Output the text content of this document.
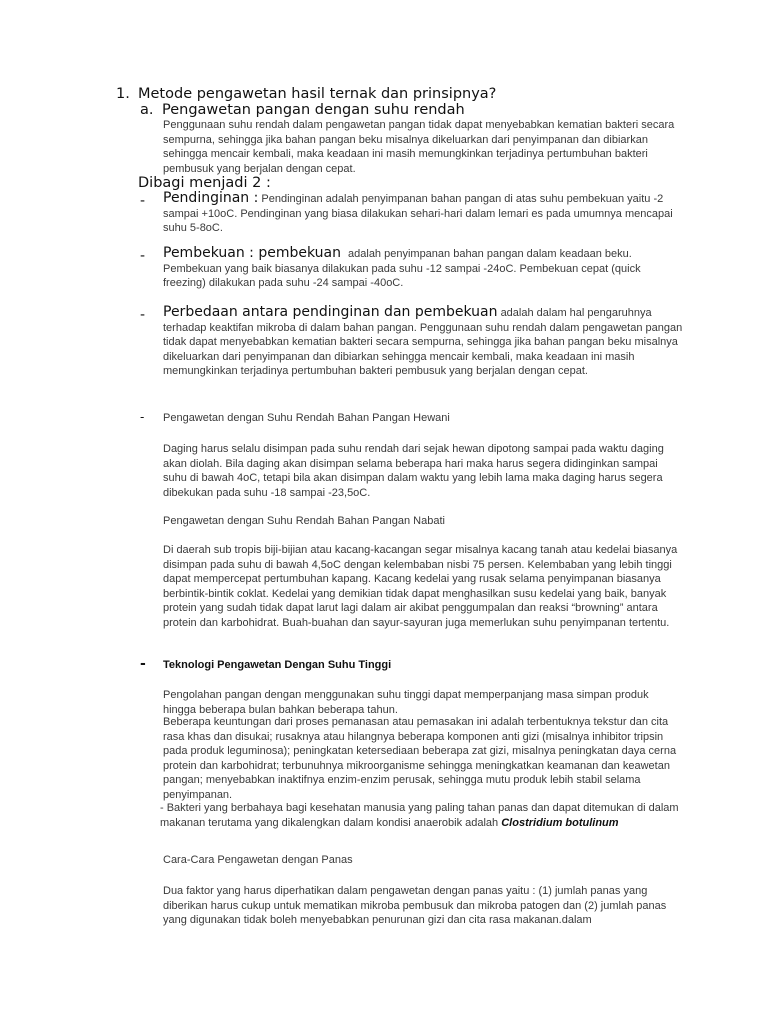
1. Metode pengawetan hasil ternak dan prinsipnya?
a. Pengawetan pangan dengan suhu rendah
Penggunaan suhu rendah dalam pengawetan pangan tidak dapat menyebabkan kematian bakteri secara sempurna, sehingga jika bahan pangan beku misalnya dikeluarkan dari penyimpanan dan dibiarkan sehingga mencair kembali, maka keadaan ini masih memungkinkan terjadinya pertumbuhan bakteri pembusuk yang berjalan dengan cepat.
Dibagi menjadi 2 :
- Pendinginan : Pendinginan adalah penyimpanan bahan pangan di atas suhu pembekuan yaitu -2 sampai +10oC. Pendinginan yang biasa dilakukan sehari-hari dalam lemari es pada umumnya mencapai suhu 5-8oC.
- Pembekuan : pembekuan adalah penyimpanan bahan pangan dalam keadaan beku. Pembekuan yang baik biasanya dilakukan pada suhu -12 sampai -24oC. Pembekuan cepat (quick freezing) dilakukan pada suhu -24 sampai -40oC.
- Perbedaan antara pendinginan dan pembekuan adalah dalam hal pengaruhnya terhadap keaktifan mikroba di dalam bahan pangan. Penggunaan suhu rendah dalam pengawetan pangan tidak dapat menyebabkan kematian bakteri secara sempurna, sehingga jika bahan pangan beku misalnya dikeluarkan dari penyimpanan dan dibiarkan sehingga mencair kembali, maka keadaan ini masih memungkinkan terjadinya pertumbuhan bakteri pembusuk yang berjalan dengan cepat.
- Pengawetan dengan Suhu Rendah Bahan Pangan Hewani
Daging harus selalu disimpan pada suhu rendah dari sejak hewan dipotong sampai pada waktu daging akan diolah. Bila daging akan disimpan selama beberapa hari maka harus segera didinginkan sampai suhu di bawah 4oC, tetapi bila akan disimpan dalam waktu yang lebih lama maka daging harus segera dibekukan pada suhu -18 sampai -23,5oC.
Pengawetan dengan Suhu Rendah Bahan Pangan Nabati
Di daerah sub tropis biji-bijian atau kacang-kacangan segar misalnya kacang tanah atau kedelai biasanya disimpan pada suhu di bawah 4,5oC dengan kelembaban nisbi 75 persen. Kelembaban yang lebih tinggi dapat mempercepat pertumbuhan kapang. Kacang kedelai yang rusak selama penyimpanan biasanya berbintik-bintik coklat. Kedelai yang demikian tidak dapat menghasilkan susu kedelai yang baik, banyak protein yang sudah tidak dapat larut lagi dalam air akibat penggumpalan dan reaksi “browning” antara protein dan karbohidrat. Buah-buahan dan sayur-sayuran juga memerlukan suhu penyimpanan tertentu.
- Teknologi Pengawetan Dengan Suhu Tinggi
Pengolahan pangan dengan menggunakan suhu tinggi dapat memperpanjang masa simpan produk hingga beberapa bulan bahkan beberapa tahun.
Beberapa keuntungan dari proses pemanasan atau pemasakan ini adalah terbentuknya tekstur dan cita rasa khas dan disukai; rusaknya atau hilangnya beberapa komponen anti gizi (misalnya inhibitor tripsin pada produk leguminosa); peningkatan ketersediaan beberapa zat gizi, misalnya peningkatan daya cerna protein dan karbohidrat; terbunuhnya mikroorganisme sehingga meningkatkan keamanan dan keawetan pangan; menyebabkan inaktifnya enzim-enzim perusak, sehingga mutu produk lebih stabil selama penyimpanan.
- Bakteri yang berbahaya bagi kesehatan manusia yang paling tahan panas dan dapat ditemukan di dalam makanan terutama yang dikalengkan dalam kondisi anaerobik adalah Clostridium botulinum
Cara-Cara Pengawetan dengan Panas
Dua faktor yang harus diperhatikan dalam pengawetan dengan panas yaitu : (1) jumlah panas yang diberikan harus cukup untuk mematikan mikroba pembusuk dan mikroba patogen dan (2) jumlah panas yang digunakan tidak boleh menyebabkan penurunan gizi dan cita rasa makanan.dalam
